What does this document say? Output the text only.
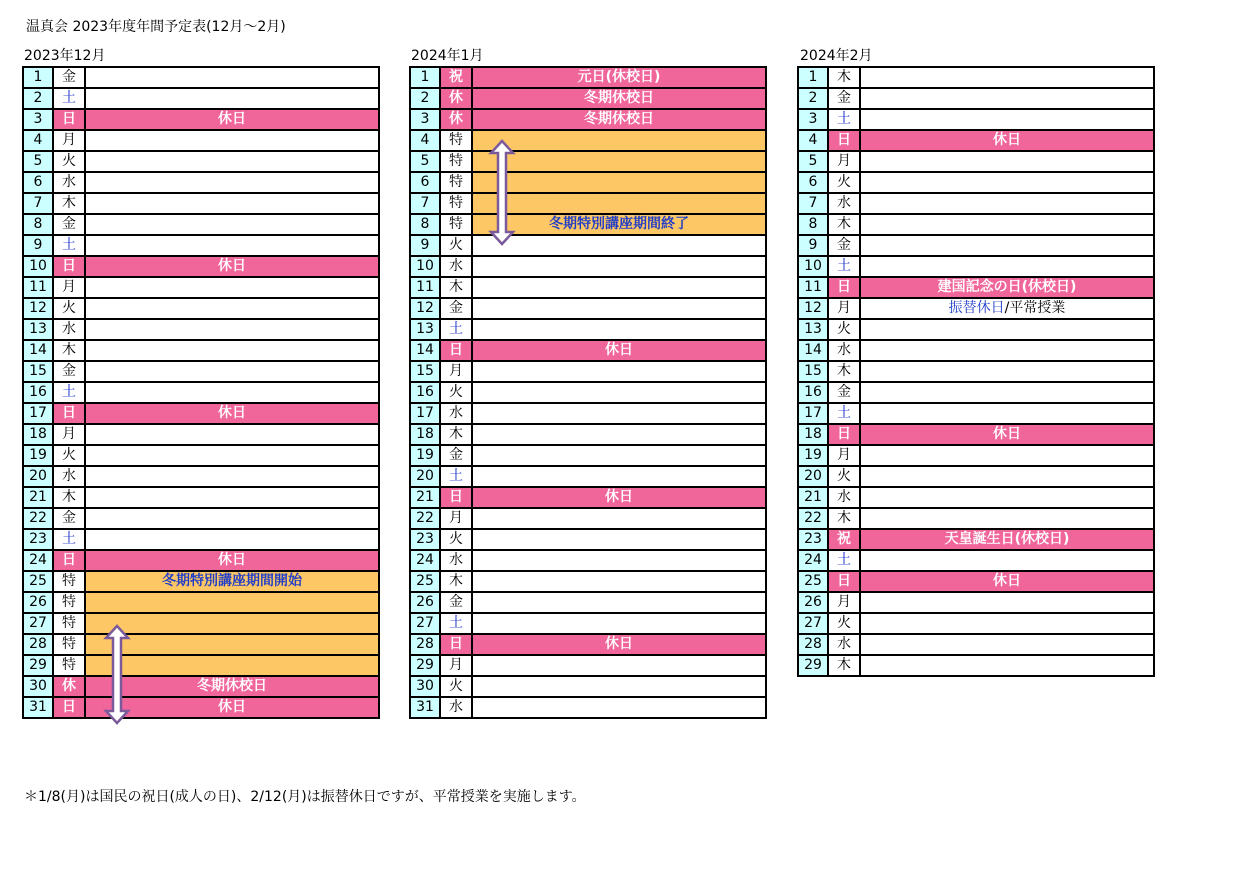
温真会 2023年度年間予定表(12月～2月)
2023年12月	2024年1月	2024年2月
1	金	
2	土	
3	日	休日
4	月	
5	火	
6	水	
7	木	
8	金	
9	土	
10	日	休日
11	月	
12	火	
13	水	
14	木	
15	金	
16	土	
17	日	休日
18	月	
19	火	
20	水	
21	木	
22	金	
23	土	
24	日	休日
25	特	冬期特別講座期間開始
26	特	
27	特	
28	特	
29	特	
30	休	冬期休校日
31	日	休日
1	祝	元日(休校日)
2	休	冬期休校日
3	休	冬期休校日
4	特	
5	特	
6	特	
7	特	
8	特	冬期特別講座期間終了
9	火	
10	水	
11	木	
12	金	
13	土	
14	日	休日
15	月	
16	火	
17	水	
18	木	
19	金	
20	土	
21	日	休日
22	月	
23	火	
24	水	
25	木	
26	金	
27	土	
28	日	休日
29	月	
30	火	
31	水	
1	木	
2	金	
3	土	
4	日	休日
5	月	
6	火	
7	水	
8	木	
9	金	
10	土	
11	日	建国記念の日(休校日)
12	月	振替休日/平常授業
13	火	
14	水	
15	木	
16	金	
17	土	
18	日	休日
19	月	
20	火	
21	水	
22	木	
23	祝	天皇誕生日(休校日)
24	土	
25	日	休日
26	月	
27	火	
28	水	
29	木	
＊1/8(月)は国民の祝日(成人の日)、2/12(月)は振替休日ですが、平常授業を実施します。
